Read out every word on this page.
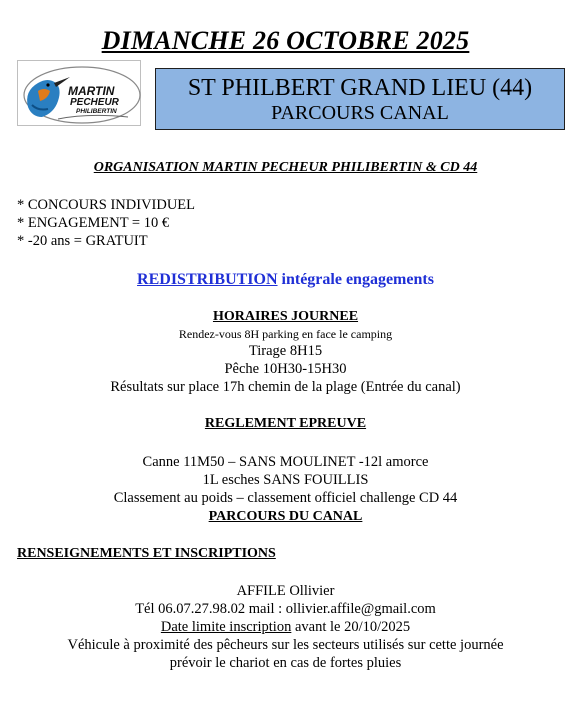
DIMANCHE 26 OCTOBRE 2025
MARTIN
PECHEUR
PHILIBERTIN
ST PHILBERT GRAND LIEU (44)
PARCOURS CANAL
ORGANISATION MARTIN PECHEUR PHILIBERTIN & CD 44
* CONCOURS INDIVIDUEL
* ENGAGEMENT = 10 €
* -20 ans = GRATUIT
REDISTRIBUTION intégrale engagements
HORAIRES JOURNEE
Rendez-vous 8H parking en face le camping
Tirage 8H15
Pêche 10H30-15H30
Résultats sur place 17h chemin de la plage (Entrée du canal)
REGLEMENT EPREUVE
Canne 11M50 – SANS MOULINET -12l amorce
1L esches SANS FOUILLIS
Classement au poids – classement officiel challenge CD 44
PARCOURS DU CANAL
RENSEIGNEMENTS ET INSCRIPTIONS
AFFILE Ollivier
Tél 06.07.27.98.02 mail : ollivier.affile@gmail.com
Date limite inscription avant le 20/10/2025
Véhicule à proximité des pêcheurs sur les secteurs utilisés sur cette journée
prévoir le chariot en cas de fortes pluies
